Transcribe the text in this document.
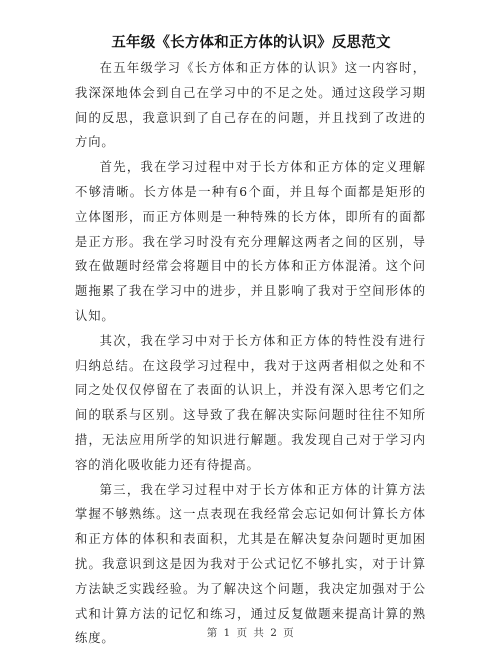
五年级《长方体和正方体的认识》反思范文

在五年级学习《长方体和正方体的认识》这一内容时，我深深地体会到自己在学习中的不足之处。通过这段学习期间的反思，我意识到了自己存在的问题，并且找到了改进的方向。

首先，我在学习过程中对于长方体和正方体的定义理解不够清晰。长方体是一种有6个面，并且每个面都是矩形的立体图形，而正方体则是一种特殊的长方体，即所有的面都是正方形。我在学习时没有充分理解这两者之间的区别，导致在做题时经常会将题目中的长方体和正方体混淆。这个问题拖累了我在学习中的进步，并且影响了我对于空间形体的认知。

其次，我在学习中对于长方体和正方体的特性没有进行归纳总结。在这段学习过程中，我对于这两者相似之处和不同之处仅仅停留在了表面的认识上，并没有深入思考它们之间的联系与区别。这导致了我在解决实际问题时往往不知所措，无法应用所学的知识进行解题。我发现自己对于学习内容的消化吸收能力还有待提高。

第三，我在学习过程中对于长方体和正方体的计算方法掌握不够熟练。这一点表现在我经常会忘记如何计算长方体和正方体的体积和表面积，尤其是在解决复杂问题时更加困扰。我意识到这是因为我对于公式记忆不够扎实，对于计算方法缺乏实践经验。为了解决这个问题，我决定加强对于公式和计算方法的记忆和练习，通过反复做题来提高计算的熟练度。	第 1 页 共 2 页
